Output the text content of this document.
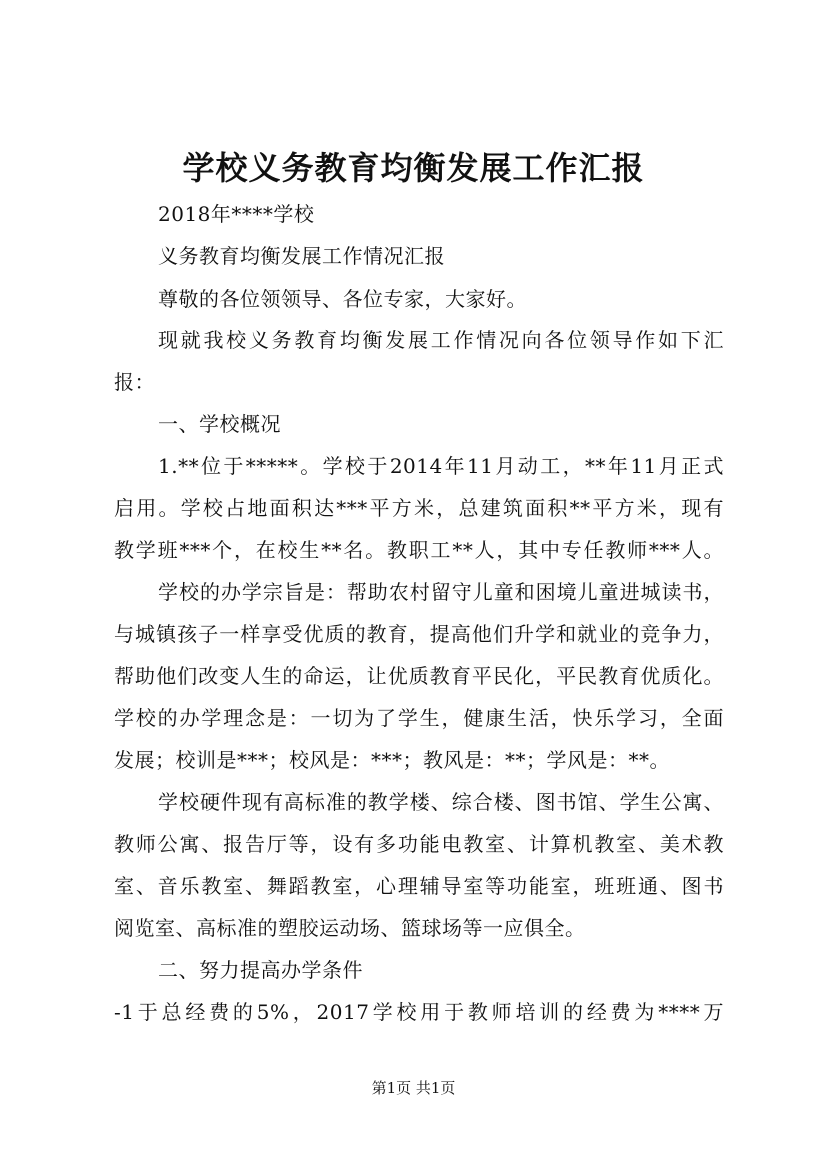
学校义务教育均衡发展工作汇报
2018年****学校
义务教育均衡发展工作情况汇报
尊敬的各位领领导、各位专家，大家好。
现就我校义务教育均衡发展工作情况向各位领导作如下汇
报：
一、学校概况
1.**位于*****。学校于2014年11月动工，**年11月正式
启用。学校占地面积达***平方米，总建筑面积**平方米，现有
教学班***个，在校生**名。教职工**人，其中专任教师***人。
学校的办学宗旨是：帮助农村留守儿童和困境儿童进城读书，
与城镇孩子一样享受优质的教育，提高他们升学和就业的竞争力，
帮助他们改变人生的命运，让优质教育平民化，平民教育优质化。
学校的办学理念是：一切为了学生，健康生活，快乐学习，全面
发展；校训是***；校风是：***；教风是：**；学风是：**。
学校硬件现有高标准的教学楼、综合楼、图书馆、学生公寓、
教师公寓、报告厅等，设有多功能电教室、计算机教室、美术教
室、音乐教室、舞蹈教室，心理辅导室等功能室，班班通、图书
阅览室、高标准的塑胶运动场、篮球场等一应俱全。
二、努力提高办学条件
-1于总经费的5%，2017学校用于教师培训的经费为****万
第1页 共1页
